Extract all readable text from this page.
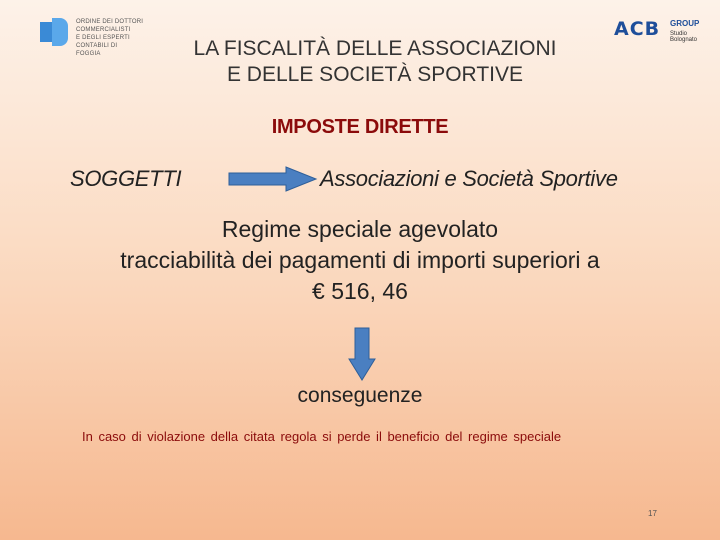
ORDINE DEI DOTTORI COMMERCIALISTI
E DEGLI ESPERTI CONTABILI DI
FOGGIA
ACB GROUP
Studio Bolognato
LA FISCALITÀ DELLE ASSOCIAZIONI
E DELLE SOCIETÀ SPORTIVE
IMPOSTE DIRETTE
SOGGETTI	Associazioni e Società Sportive
Regime speciale agevolato
tracciabilità dei pagamenti di importi superiori a
€ 516, 46
conseguenze
In caso di violazione della citata regola si perde il beneficio del regime speciale
17
